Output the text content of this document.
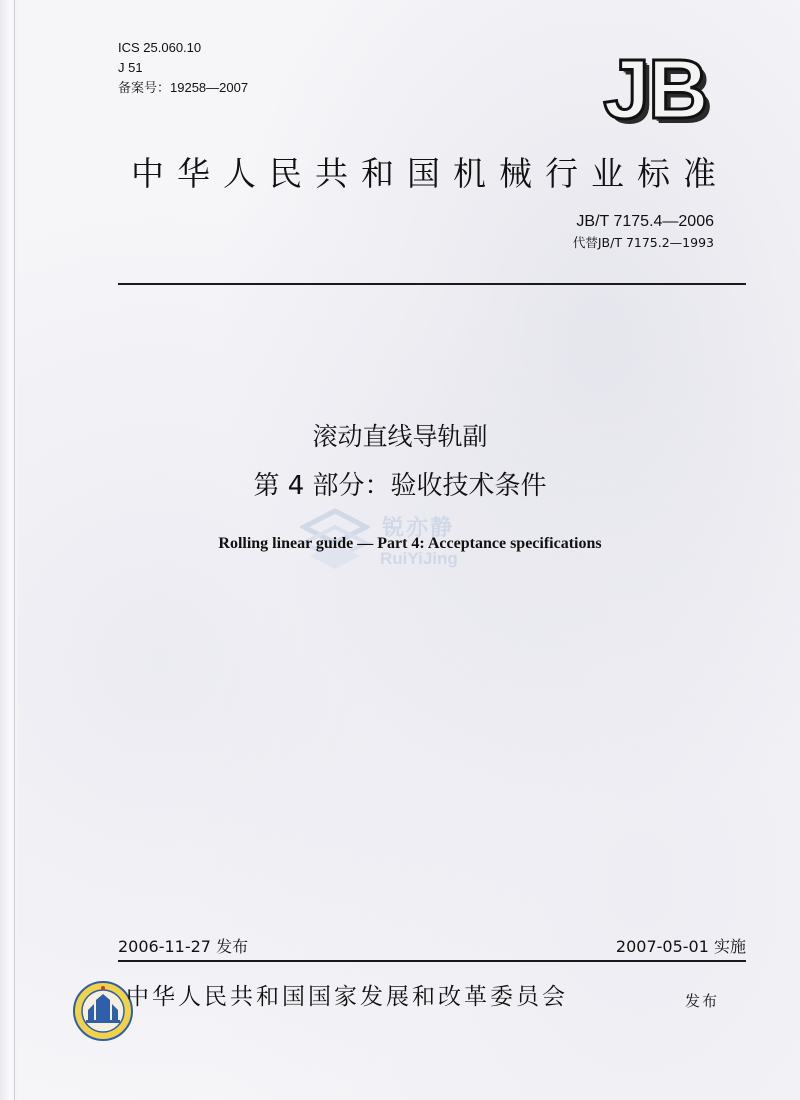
ICS 25.060.10
J 51
备案号：19258—2007	JB
中华人民共和国机械行业标准
JB/T 7175.4—2006
代替JB/T 7175.2—1993

滚动直线导轨副
第 4 部分：验收技术条件
锐亦静
RuiYiJing
Rolling linear guide — Part 4: Acceptance specifications
2006-11-27 发布	2007-05-01 实施
中华人民共和国国家发展和改革委员会	发布
